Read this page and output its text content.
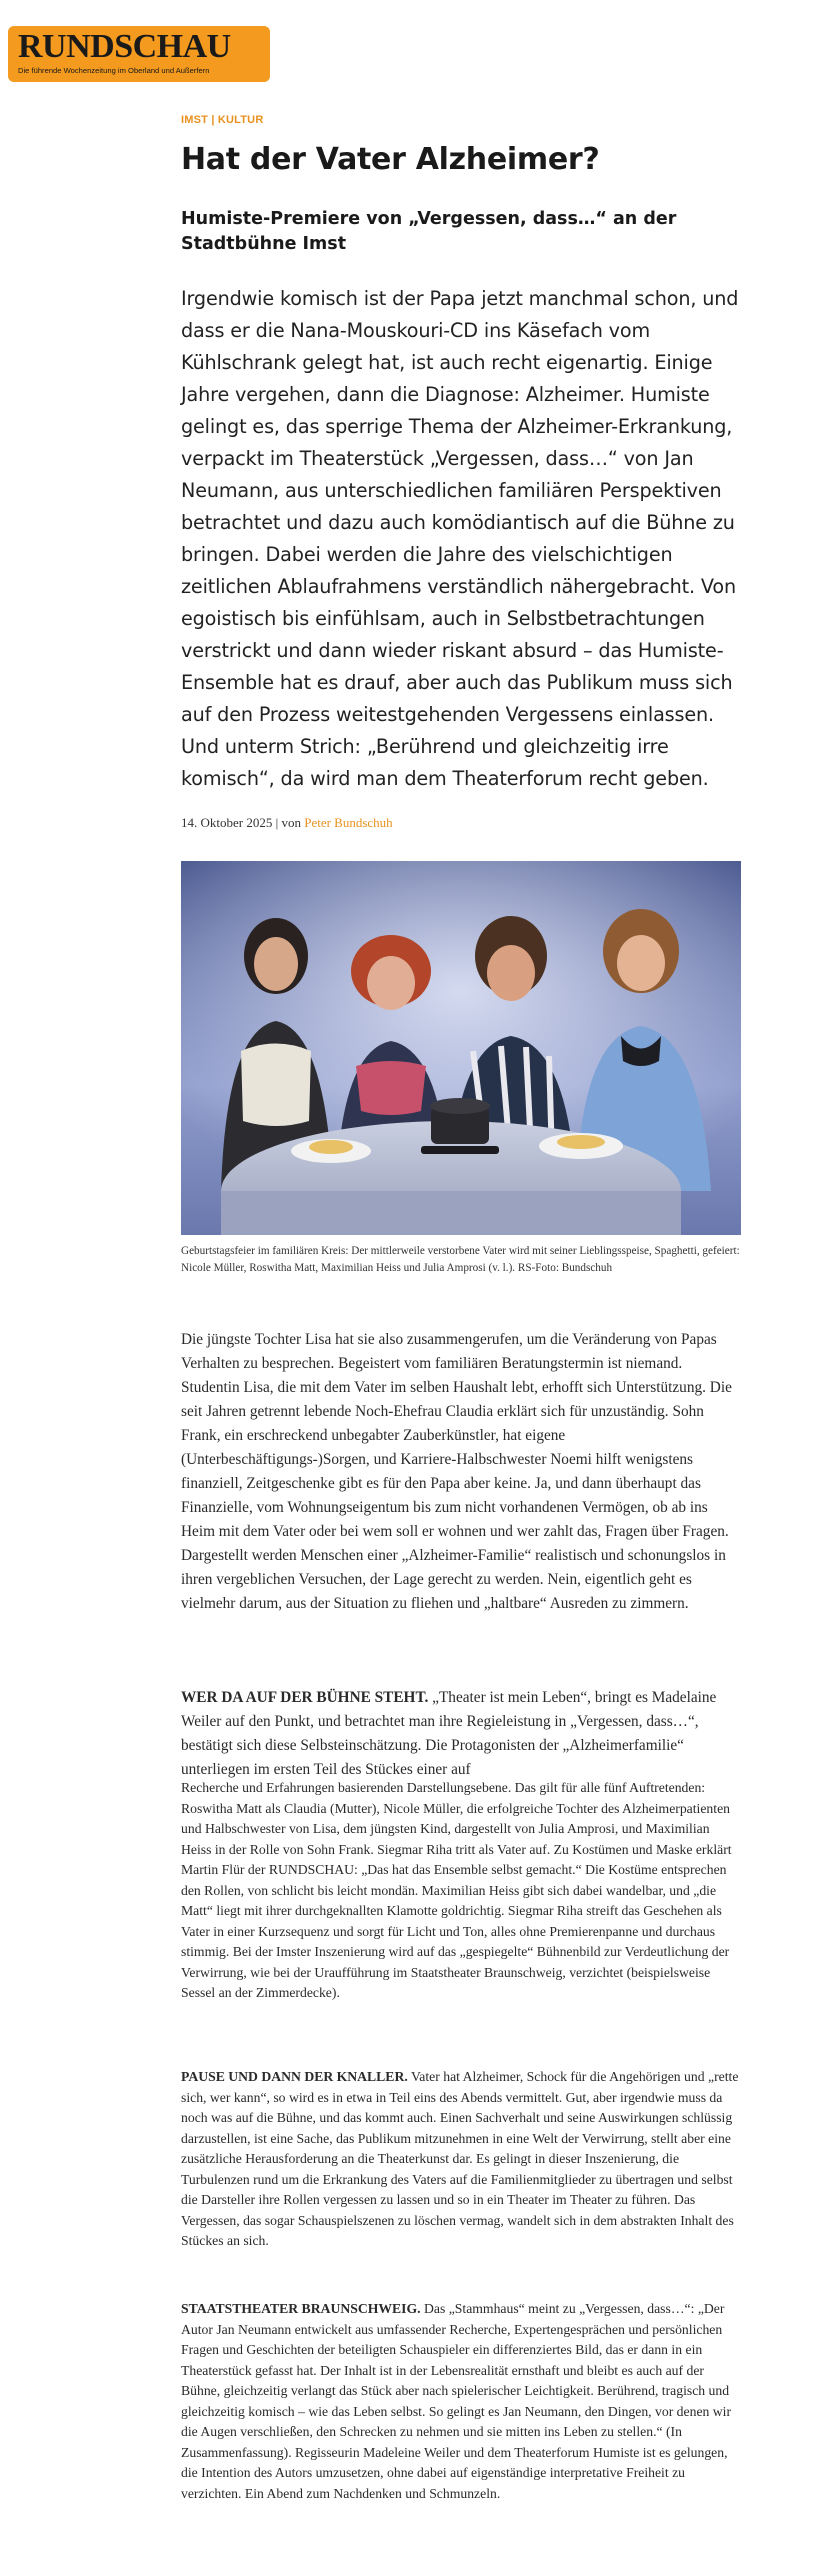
RUNDSCHAU
Die führende Wochenzeitung im Oberland und Außerfern
IMST | KULTUR
Hat der Vater Alzheimer?
Humiste-Premiere von „Vergessen, dass…“ an der Stadtbühne Imst

Irgendwie komisch ist der Papa jetzt manchmal schon, und dass er die Nana-Mouskouri-CD ins Käsefach vom Kühlschrank gelegt hat, ist auch recht eigenartig. Einige Jahre vergehen, dann die Diagnose: Alzheimer. Humiste gelingt es, das sperrige Thema der Alzheimer-Erkrankung, verpackt im Theaterstück „Vergessen, dass…“ von Jan Neumann, aus unterschiedlichen familiären Perspektiven betrachtet und dazu auch komödiantisch auf die Bühne zu bringen. Dabei werden die Jahre des vielschichtigen zeitlichen Ablaufrahmens verständlich nähergebracht. Von egoistisch bis einfühlsam, auch in Selbstbetrachtungen verstrickt und dann wieder riskant absurd – das Humiste-Ensemble hat es drauf, aber auch das Publikum muss sich auf den Prozess weitestgehenden Vergessens einlassen. Und unterm Strich: „Berührend und gleichzeitig irre komisch“, da wird man dem Theaterforum recht geben.

14. Oktober 2025 | von Peter Bundschuh
Geburtstagsfeier im familiären Kreis: Der mittlerweile verstorbene Vater wird mit seiner Lieblingsspeise, Spaghetti, gefeiert: Nicole Müller, Roswitha Matt, Maximilian Heiss und Julia Amprosi (v. l.). RS-Foto: Bundschuh

Die jüngste Tochter Lisa hat sie also zusammengerufen, um die Veränderung von Papas Verhalten zu besprechen. Begeistert vom familiären Beratungstermin ist niemand. Studentin Lisa, die mit dem Vater im selben Haushalt lebt, erhofft sich Unterstützung. Die seit Jahren getrennt lebende Noch-Ehefrau Claudia erklärt sich für unzuständig. Sohn Frank, ein erschreckend unbegabter Zauberkünstler, hat eigene (Unterbeschäftigungs-)Sorgen, und Karriere-Halbschwester Noemi hilft wenigstens finanziell, Zeitgeschenke gibt es für den Papa aber keine. Ja, und dann überhaupt das Finanzielle, vom Wohnungseigentum bis zum nicht vorhandenen Vermögen, ob ab ins Heim mit dem Vater oder bei wem soll er wohnen und wer zahlt das, Fragen über Fragen. Dargestellt werden Menschen einer „Alzheimer-Familie“ realistisch und schonungslos in ihren vergeblichen Versuchen, der Lage gerecht zu werden. Nein, eigentlich geht es vielmehr darum, aus der Situation zu fliehen und „haltbare“ Ausreden zu zimmern.

WER DA AUF DER BÜHNE STEHT. „Theater ist mein Leben“, bringt es Madelaine Weiler auf den Punkt, und betrachtet man ihre Regieleistung in „Vergessen, dass…“, bestätigt sich diese Selbsteinschätzung. Die Protagonisten der „Alzheimerfamilie“ unterliegen im ersten Teil des Stückes einer auf

Recherche und Erfahrungen basierenden Darstellungsebene. Das gilt für alle fünf Auftretenden: Roswitha Matt als Claudia (Mutter), Nicole Müller, die erfolgreiche Tochter des Alzheimerpatienten und Halbschwester von Lisa, dem jüngsten Kind, dargestellt von Julia Amprosi, und Maximilian Heiss in der Rolle von Sohn Frank. Siegmar Riha tritt als Vater auf. Zu Kostümen und Maske erklärt Martin Flür der RUNDSCHAU: „Das hat das Ensemble selbst gemacht.“ Die Kostüme entsprechen den Rollen, von schlicht bis leicht mondän. Maximilian Heiss gibt sich dabei wandelbar, und „die Matt“ liegt mit ihrer durchgeknallten Klamotte goldrichtig. Siegmar Riha streift das Geschehen als Vater in einer Kurzsequenz und sorgt für Licht und Ton, alles ohne Premierenpanne und durchaus stimmig. Bei der Imster Inszenierung wird auf das „gespiegelte“ Bühnenbild zur Verdeutlichung der Verwirrung, wie bei der Uraufführung im Staatstheater Braunschweig, verzichtet (beispielsweise Sessel an der Zimmerdecke).

PAUSE UND DANN DER KNALLER. Vater hat Alzheimer, Schock für die Angehörigen und „rette sich, wer kann“, so wird es in etwa in Teil eins des Abends vermittelt. Gut, aber irgendwie muss da noch was auf die Bühne, und das kommt auch. Einen Sachverhalt und seine Auswirkungen schlüssig darzustellen, ist eine Sache, das Publikum mitzunehmen in eine Welt der Verwirrung, stellt aber eine zusätzliche Herausforderung an die Theaterkunst dar. Es gelingt in dieser Inszenierung, die Turbulenzen rund um die Erkrankung des Vaters auf die Familienmitglieder zu übertragen und selbst die Darsteller ihre Rollen vergessen zu lassen und so in ein Theater im Theater zu führen. Das Vergessen, das sogar Schauspielszenen zu löschen vermag, wandelt sich in dem abstrakten Inhalt des Stückes an sich.

STAATSTHEATER BRAUNSCHWEIG. Das „Stammhaus“ meint zu „Vergessen, dass…“: „Der Autor Jan Neumann entwickelt aus umfassender Recherche, Expertengesprächen und persönlichen Fragen und Geschichten der beteiligten Schauspieler ein differenziertes Bild, das er dann in ein Theaterstück gefasst hat. Der Inhalt ist in der Lebensrealität ernsthaft und bleibt es auch auf der Bühne, gleichzeitig verlangt das Stück aber nach spielerischer Leichtigkeit. Berührend, tragisch und gleichzeitig komisch – wie das Leben selbst. So gelingt es Jan Neumann, den Dingen, vor denen wir die Augen verschließen, den Schrecken zu nehmen und sie mitten ins Leben zu stellen.“ (In Zusammenfassung). Regisseurin Madeleine Weiler und dem Theaterforum Humiste ist es gelungen, die Intention des Autors umzusetzen, ohne dabei auf eigenständige interpretative Freiheit zu verzichten. Ein Abend zum Nachdenken und Schmunzeln.
